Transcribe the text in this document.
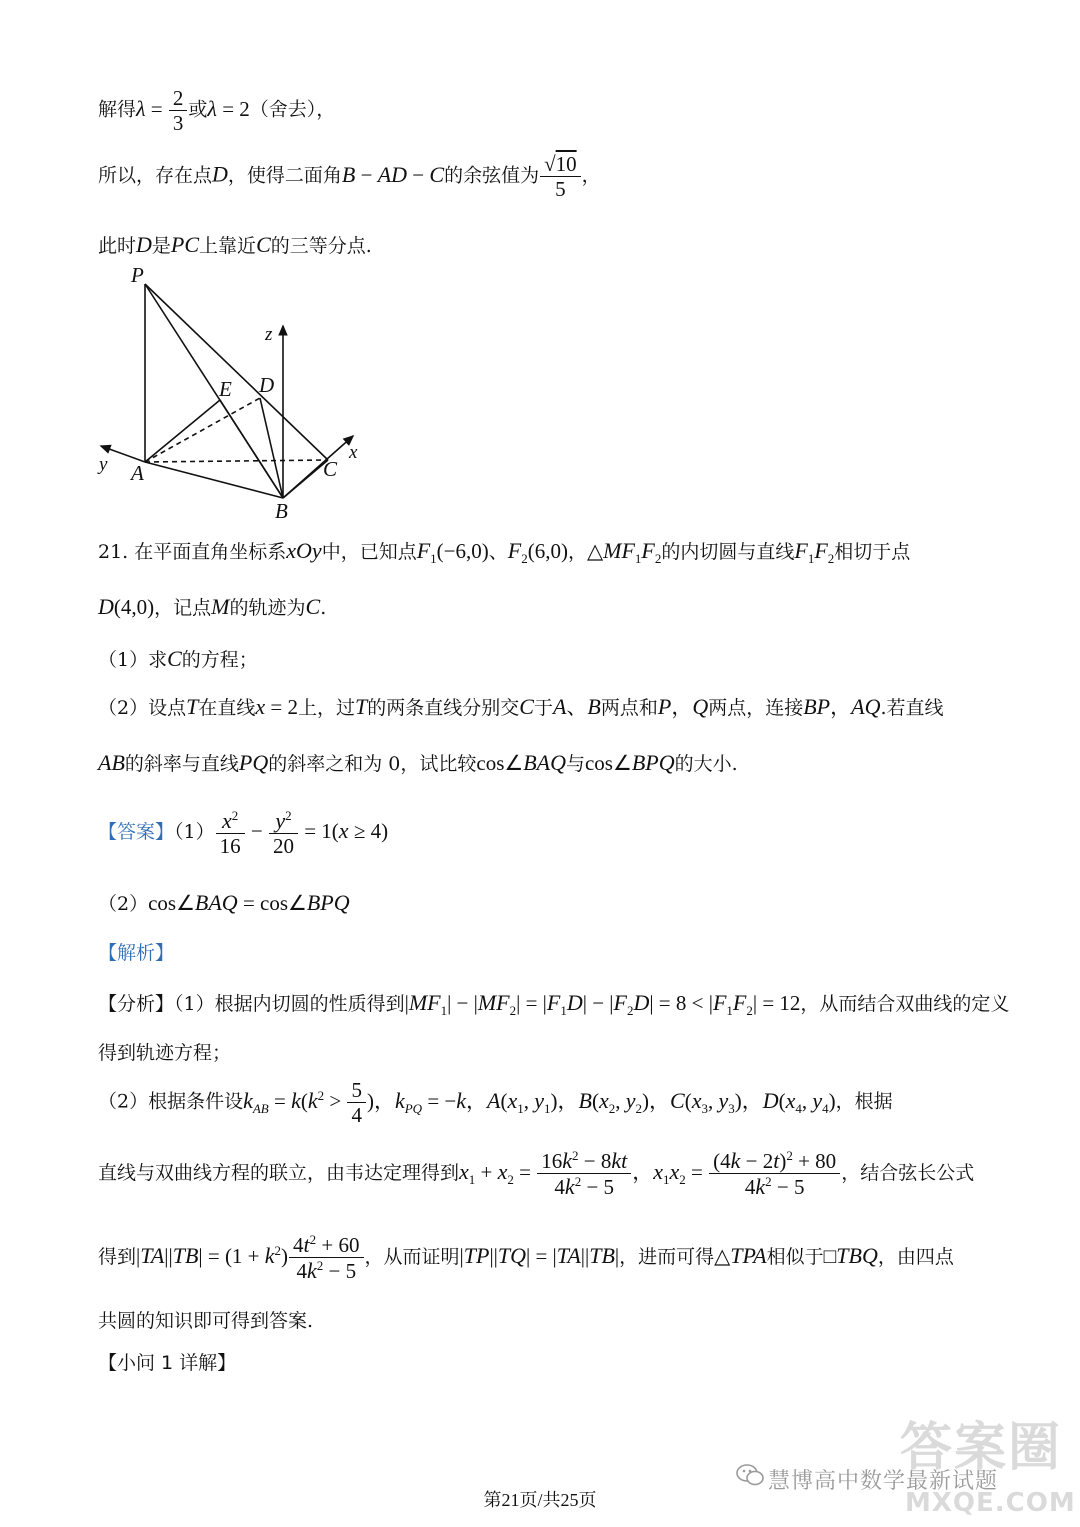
解得$\lambda = \frac{2}{3}$ 或λ = 2（舍去），
所以，存在点D，使得二面角B − AD − C的余弦值为 $\frac{√10}{5}$ ，
此时D是PC上靠近C的三等分点.
P
z
E D
x
y A	C
B
21. 在平面直角坐标系xOy中，已知点$F_1(-6,0)$、$F_2(6,0)$，$\triangle MF_1F_2$的内切圆与直线$F_1F_2$相切于点
D(4,0)，记点M的轨迹为C.
（1）求C的方程；
（2）设点T在直线x = 2上，过T的两条直线分别交C于A、B两点和P，Q两点，连接BP，AQ.若直线
AB的斜率与直线PQ的斜率之和为 0，试比较cos∠BAQ与cos∠BPQ的大小.
【答案】$(1) \frac{x^2}{16} - \frac{y^2}{20} = 1(x \ge 4)$
（2）cos∠BAQ = cos∠BPQ
【解析】
【分析】（1）根据内切圆的性质得到$|MF_1| - |MF_2| = |F_1D| - |F_2D| = 8 < |F_1F_2| = 12$，从而结合双曲线的定义
得到轨迹方程；
（2）根据条件设$k_{AB} = k(k^2 > \frac{5}{4}$ )，$k_{PQ} = -k$，$A(x_1$, $y_1$)，$B(x_2$, $y_2$)，$C(x_3$, $y_3$)，$D(x_4$, $y_4$)，根据
直线与双曲线方程的联立，由韦达定理得到$x_1 + x_2 = \frac{16k^2 - 8kt}{4k^2 - 5}$ ，$x_1x_2 = \frac{(4k - 2t)^2 + 80}{4k^2 - 5}$ ，结合弦长公式
得到$|TA||TB| = (1 + k^2) \frac{4t^2 + 60}{4k^2 - 5}$ ，从而证明|TP||TQ| = |TA||TB|，进而可得△TPA相似于□TBQ，由四点
共圆的知识即可得到答案.
【小问 1 详解】
答案圈
MXQE.COM
慧博高中数学最新试题
第21页/共25页
